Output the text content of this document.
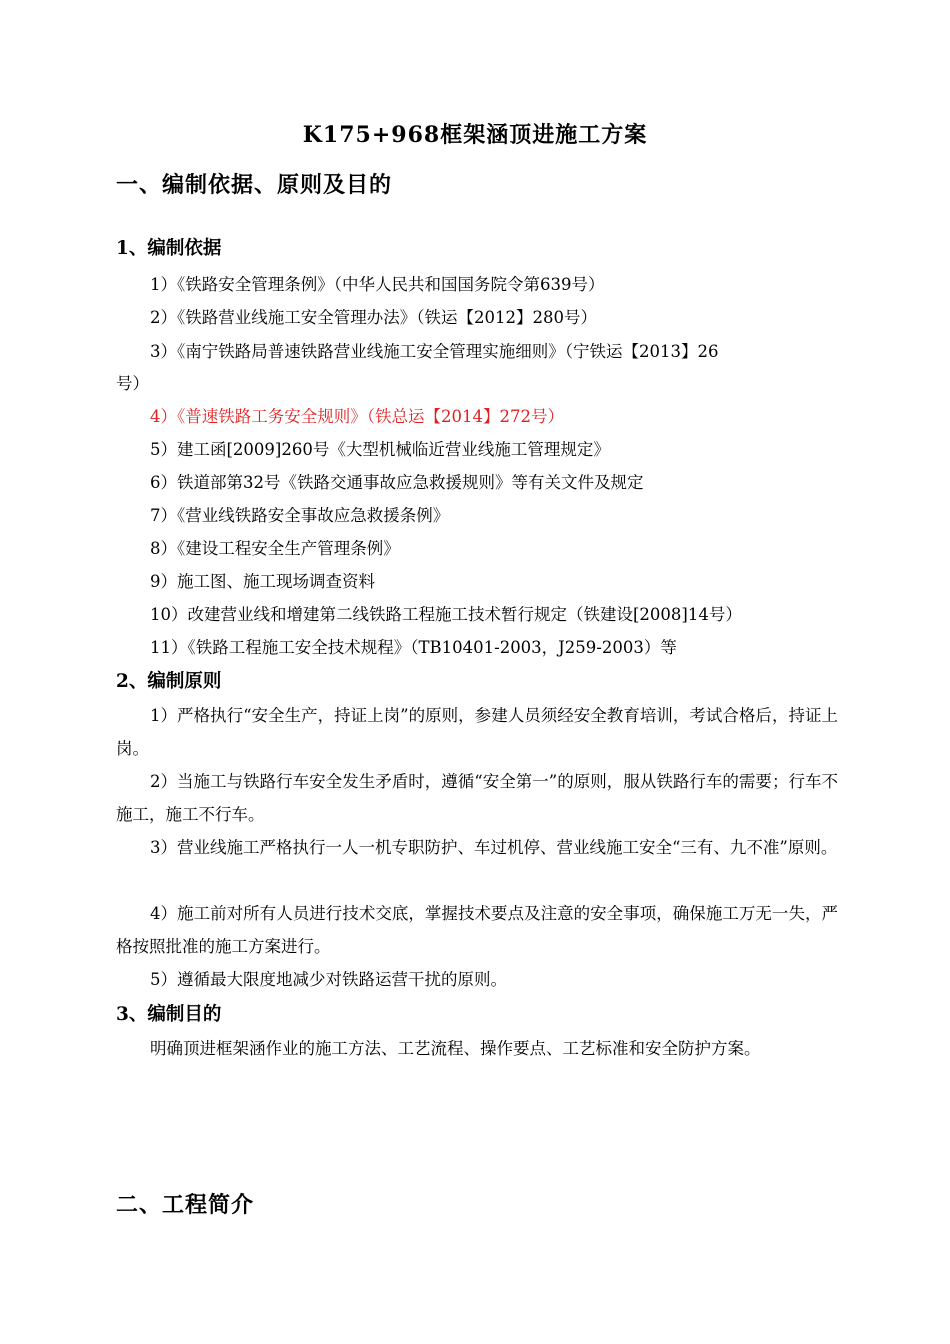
K175+968框架涵顶进施工方案
一、编制依据、原则及目的
1、编制依据
1）《铁路安全管理条例》（中华人民共和国国务院令第639号）
2）《铁路营业线施工安全管理办法》（铁运【2012】280号）
3）《南宁铁路局普速铁路营业线施工安全管理实施细则》（宁铁运【2013】26
号）
4）《普速铁路工务安全规则》（铁总运【2014】272号）
5）建工函[2009]260号《大型机械临近营业线施工管理规定》
6）铁道部第32号《铁路交通事故应急救援规则》等有关文件及规定
7）《营业线铁路安全事故应急救援条例》
8）《建设工程安全生产管理条例》
9）施工图、施工现场调查资料
10）改建营业线和增建第二线铁路工程施工技术暂行规定（铁建设[2008]14号）
11）《铁路工程施工安全技术规程》（TB10401-2003，J259-2003）等
2、编制原则
1）严格执行“安全生产，持证上岗”的原则，参建人员须经安全教育培训，考试合格后，持证上岗。
2）当施工与铁路行车安全发生矛盾时，遵循“安全第一”的原则，服从铁路行车的需要；行车不施工，施工不行车。
3）营业线施工严格执行一人一机专职防护、车过机停、营业线施工安全“三有、九不准”原则。
4）施工前对所有人员进行技术交底，掌握技术要点及注意的安全事项，确保施工万无一失，严格按照批准的施工方案进行。
5）遵循最大限度地减少对铁路运营干扰的原则。
3、编制目的
明确顶进框架涵作业的施工方法、工艺流程、操作要点、工艺标准和安全防护方案。
二、工程简介
